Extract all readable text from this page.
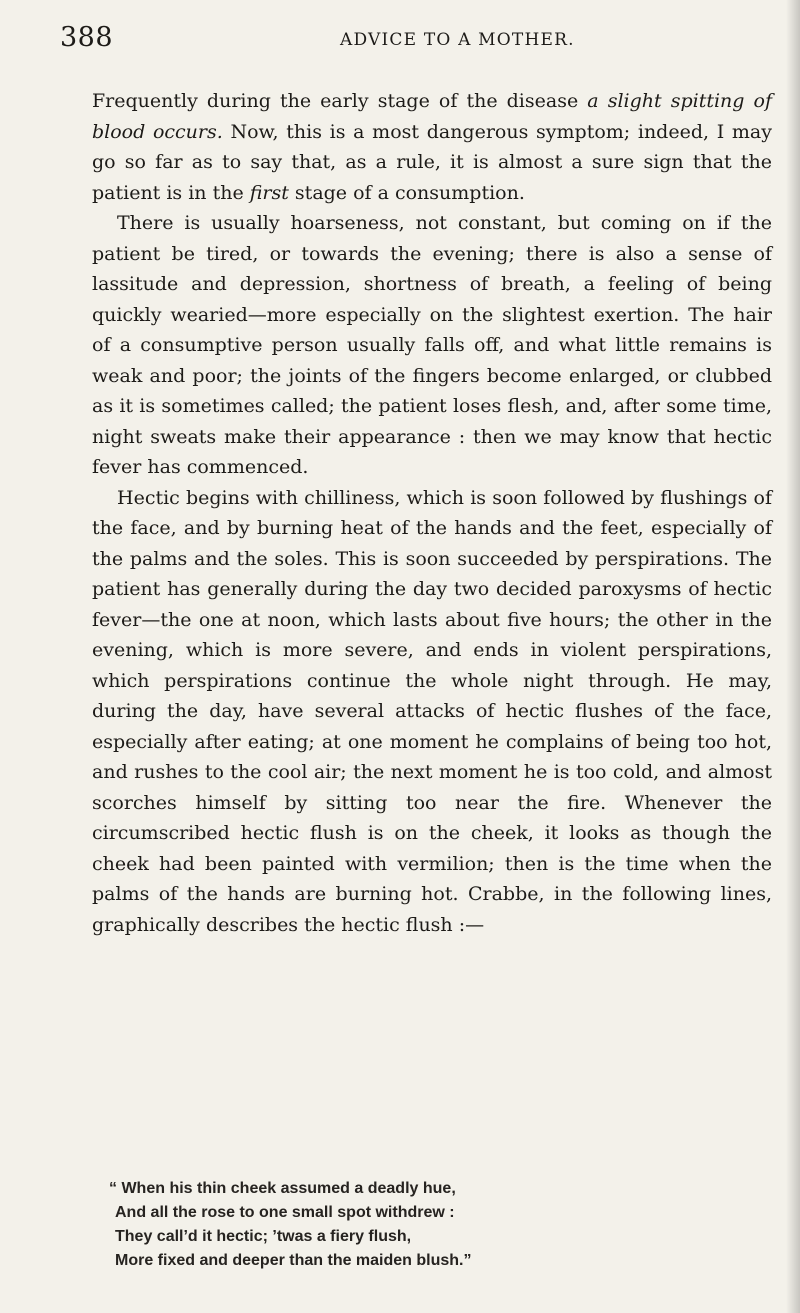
388	ADVICE TO A MOTHER.

Frequently during the early stage of the disease a slight spitting of blood occurs. Now, this is a most dangerous symptom; indeed, I may go so far as to say that, as a rule, it is almost a sure sign that the patient is in the first stage of a consumption.

There is usually hoarseness, not constant, but coming on if the patient be tired, or towards the evening; there is also a sense of lassitude and depression, shortness of breath, a feeling of being quickly wearied—more especially on the slightest exertion. The hair of a consumptive person usually falls off, and what little remains is weak and poor; the joints of the fingers become enlarged, or clubbed as it is sometimes called; the patient loses flesh, and, after some time, night sweats make their appearance : then we may know that hectic fever has commenced.

Hectic begins with chilliness, which is soon followed by flushings of the face, and by burning heat of the hands and the feet, especially of the palms and the soles. This is soon succeeded by perspirations. The patient has generally during the day two decided paroxysms of hectic fever—the one at noon, which lasts about five hours; the other in the evening, which is more severe, and ends in violent perspirations, which perspirations continue the whole night through. He may, during the day, have several attacks of hectic flushes of the face, especially after eating; at one moment he complains of being too hot, and rushes to the cool air; the next moment he is too cold, and almost scorches himself by sitting too near the fire. Whenever the circumscribed hectic flush is on the cheek, it looks as though the cheek had been painted with vermilion; then is the time when the palms of the hands are burning hot. Crabbe, in the following lines, graphically describes the hectic flush :—

“ When his thin cheek assumed a deadly hue,
And all the rose to one small spot withdrew :
They call’d it hectic; ’twas a fiery flush,
More fixed and deeper than the maiden blush.”
